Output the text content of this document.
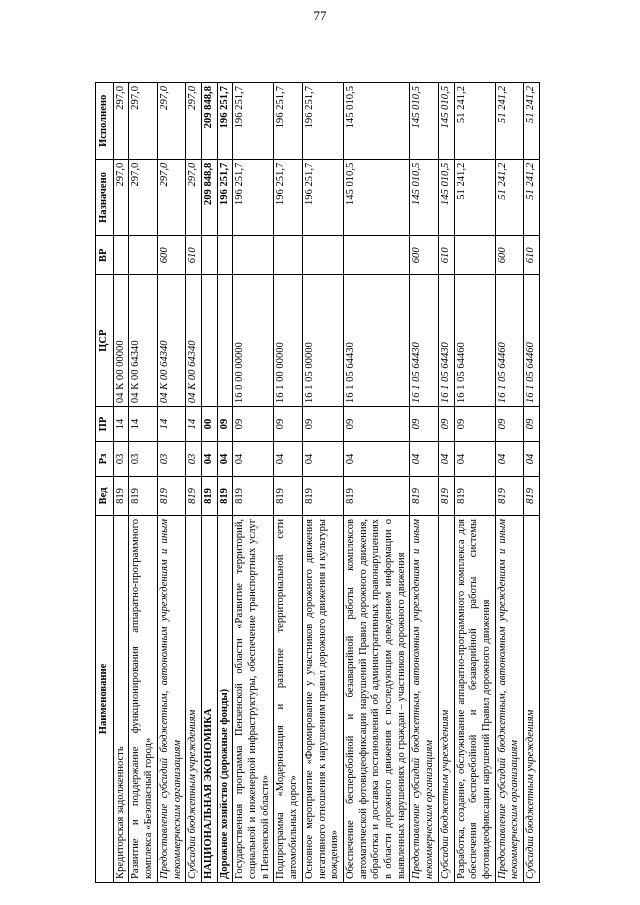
77
Наименование	Вед	Рз	ПР	ЦСР	ВР	Назначено	Исполнено
Кредиторская задолженность	819	03	14	04 К 00 00000		297,0	297,0
Развитие и поддержание функционирования аппаратно-программного комплекса «Безопасный город»	819	03	14	04 К 00 64340		297,0	297,0
Предоставление субсидий бюджетным, автономным учреждениям и иным некоммерческим организациям	819	03	14	04 К 00 64340	600	297,0	297,0
Субсидии бюджетным учреждениям	819	03	14	04 К 00 64340	610	297,0	297,0
НАЦИОНАЛЬНАЯ ЭКОНОМИКА	819	04	00			209 848,8	209 848,8
Дорожное хозяйство (дорожные фонды)	819	04	09			196 251,7	196 251,7
Государственная программа Пензенской области «Развитие территорий, социальной и инженерной инфраструктуры, обеспечение транспортных услуг в Пензенской области»	819	04	09	16 0 00 00000		196 251,7	196 251,7
Подпрограмма «Модернизация и развитие территориальной сети автомобильных дорог»	819	04	09	16 1 00 00000		196 251,7	196 251,7
Основное мероприятие «Формирование у участников дорожного движения негативного отношения к нарушениям правил дорожного движения и культуры вождения»	819	04	09	16 1 05 00000		196 251,7	196 251,7
Обеспечение бесперебойной и безаварийной работы комплексов автоматической фотовидеофиксации нарушений Правил дорожного движения, обработка и доставка постановлений об административных правонарушениях в области дорожного движения с последующим доведением информации о выявленных нарушениях до граждан – участников дорожного движения	819	04	09	16 1 05 64430		145 010,5	145 010,5
Предоставление субсидий бюджетным, автономным учреждениям и иным некоммерческим организациям	819	04	09	16 1 05 64430	600	145 010,5	145 010,5
Субсидии бюджетным учреждениям	819	04	09	16 1 05 64430	610	145 010,5	145 010,5
Разработка, создание, обслуживание аппаратно-программного комплекса для обеспечения бесперебойной и безаварийной работы системы фотовидеофиксации нарушений Правил дорожного движения	819	04	09	16 1 05 64460		51 241,2	51 241,2
Предоставление субсидий бюджетным, автономным учреждениям и иным некоммерческим организациям	819	04	09	16 1 05 64460	600	51 241,2	51 241,2
Субсидии бюджетным учреждениям	819	04	09	16 1 05 64460	610	51 241,2	51 241,2
